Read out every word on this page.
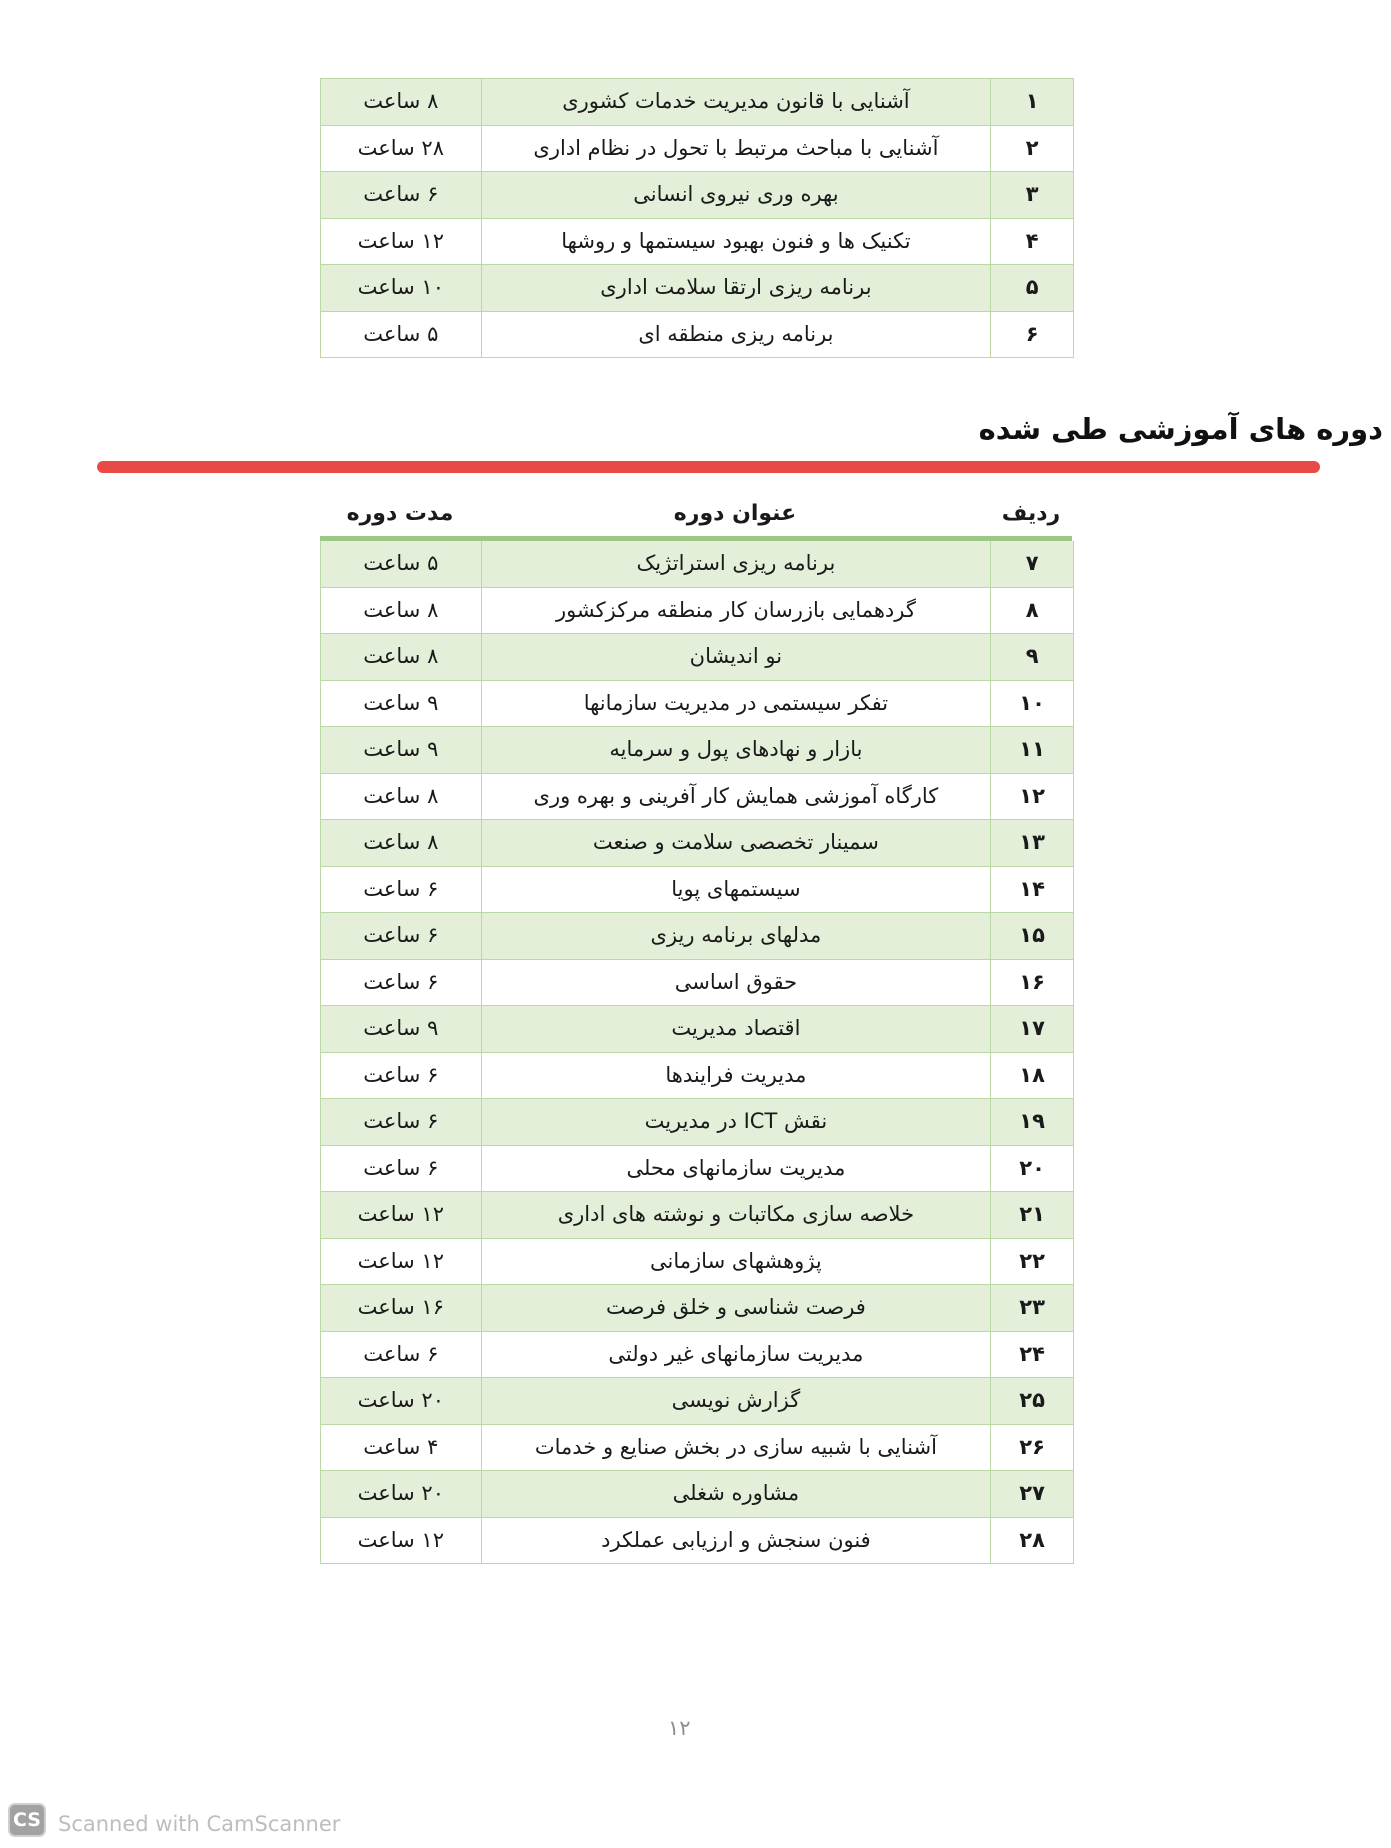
۱
آشنایی با قانون مدیریت خدمات کشوری
۸ ساعت
۲
آشنایی با مباحث مرتبط با تحول در نظام اداری
۲۸ ساعت
۳
بهره وری نیروی انسانی
۶ ساعت
۴
تکنیک ها و فنون بهبود سیستمها و روشها
۱۲ ساعت
۵
برنامه ریزی ارتقا سلامت اداری
۱۰ ساعت
۶
برنامه ریزی منطقه ای
۵ ساعت
دوره های آموزشی طی شده
ردیف
عنوان دوره
مدت دوره
۷
برنامه ریزی استراتژیک
۵ ساعت
۸
گردهمایی بازرسان کار منطقه مرکزکشور
۸ ساعت
۹
نو اندیشان
۸ ساعت
۱۰
تفکر سیستمی در مدیریت سازمانها
۹ ساعت
۱۱
بازار و نهادهای پول و سرمایه
۹ ساعت
۱۲
کارگاه آموزشی همایش کار آفرینی و بهره وری
۸ ساعت
۱۳
سمینار تخصصی سلامت و صنعت
۸ ساعت
۱۴
سیستمهای پویا
۶ ساعت
۱۵
مدلهای برنامه ریزی
۶ ساعت
۱۶
حقوق اساسی
۶ ساعت
۱۷
اقتصاد مدیریت
۹ ساعت
۱۸
مدیریت فرایندها
۶ ساعت
۱۹
نقش ICT در مدیریت
۶ ساعت
۲۰
مدیریت سازمانهای محلی
۶ ساعت
۲۱
خلاصه سازی مکاتبات و نوشته های اداری
۱۲ ساعت
۲۲
پژوهشهای سازمانی
۱۲ ساعت
۲۳
فرصت شناسی و خلق فرصت
۱۶ ساعت
۲۴
مدیریت سازمانهای غیر دولتی
۶ ساعت
۲۵
گزارش نویسی
۲۰ ساعت
۲۶
آشنایی با شبیه سازی در بخش صنایع و خدمات
۴ ساعت
۲۷
مشاوره شغلی
۲۰ ساعت
۲۸
فنون سنجش و ارزیابی عملکرد
۱۲ ساعت
۱۲
CS Scanned with CamScanner
